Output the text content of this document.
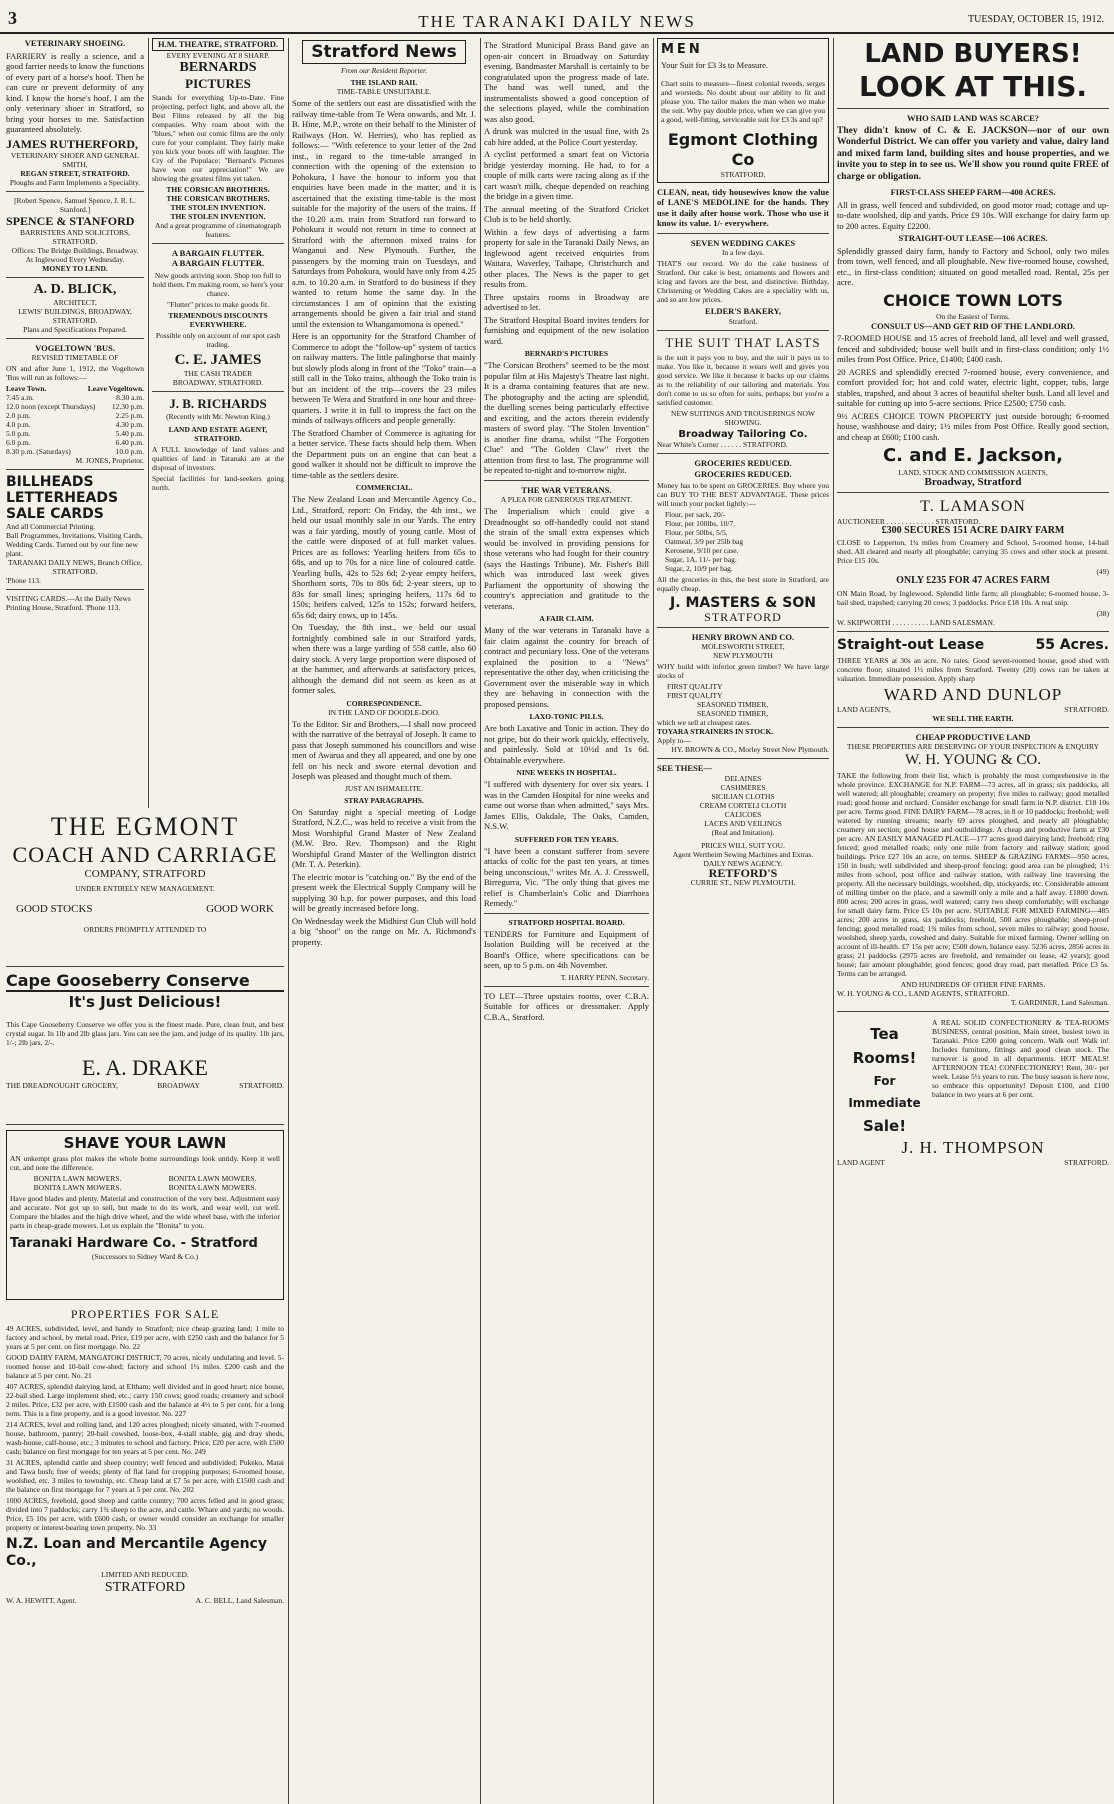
3	THE TARANAKI DAILY NEWS	TUESDAY, OCTOBER 15, 1912.
VETERINARY SHOEING.

FARRIERY is really a science, and a good farrier needs to know the functions of every part of a horse's hoof. Then he can cure or prevent deformity of any kind. I know the horse's hoof. I am the only veterinary shoer in Stratford, so bring your horses to me. Satisfaction guaranteed absolutely.

JAMES RUTHERFORD,
VETERINARY SHOER AND GENERAL SMITH,
REGAN STREET, STRATFORD.
Ploughs and Farm Implements a Speciality.
[Robert Spence, Samuel Spence, J. R. L. Stanford.]
SPENCE & STANFORD
BARRISTERS AND SOLICITORS, STRATFORD.
Offices: The Bridge Buildings, Broadway.
At Inglewood Every Wednesday.
MONEY TO LEND.
A. D. BLICK,
ARCHITECT,
LEWIS' BUILDINGS, BROADWAY, STRATFORD.
Plans and Specifications Prepared.
VOGELTOWN 'BUS.
REVISED TIMETABLE OF

ON and after June 1, 1912, the Vogeltown 'Bus will run as follows:—

Leave Town.	Leave Vogeltown.
7.45 a.m.	8.30 a.m.
12.0 noon (except Thursdays) 12.30 p.m.
2.0 p.m.	2.25 p.m.
4.0 p.m.	4.30 p.m.
5.0 p.m.	5.40 p.m.
6.0 p.m.	6.40 p.m.
8.30 p.m. (Saturdays)	10.0 p.m.
M. JONES, Proprietor.
BILLHEADS
LETTERHEADS
SALE CARDS
And all Commercial Printing.
Ball Programmes, Invitations, Visiting Cards, Wedding Cards. Turned out by our fine new plant.
TARANAKI DAILY NEWS, Branch Office, STRATFORD.
'Phone 113.
VISITING CARDS.—At the Daily News Printing House, Stratford. 'Phone 113.
H.M. THEATRE, STRATFORD.
EVERY EVENING AT 8 SHARP.
BERNARDS
PICTURES

Stands for everything Up-to-Date. Fine projecting, perfect light, and above all, the Best Films released by all the big companies. Why roam about with the "blues," when our comic films are the only cure for your complaint. They fairly make you kick your boots off with laughter. The Cry of the Populace: "Bernard's Pictures have won our appreciation!" We are showing the greatest films yet taken.

THE CORSICAN BROTHERS.
THE CORSICAN BROTHERS.
THE STOLEN INVENTION.
THE STOLEN INVENTION.
And a great programme of cinematograph features.
A BARGAIN FLUTTER.
A BARGAIN FLUTTER.

New goods arriving soon. Shop too full to hold them. I'm making room, so here's your chance.

"Flutter" prices to make goods fit.

TREMENDOUS DISCOUNTS EVERYWHERE.

Possible only on account of our spot cash trading.

C. E. JAMES
THE CASH TRADER
BROADWAY, STRATFORD.
J. B. RICHARDS
(Recently with Mr. Newton King.)
LAND AND ESTATE AGENT, STRATFORD.

A FULL knowledge of land values and qualities of land in Taranaki are at the disposal of investors.

Special facilities for land-seekers going north.

THE EGMONT
COACH AND CARRIAGE
COMPANY, STRATFORD
UNDER ENTIRELY NEW MANAGEMENT.
GOOD STOCKS	GOOD WORK
ORDERS PROMPTLY ATTENDED TO
Cape Gooseberry Conserve
It's Just Delicious!

This Cape Gooseberry Conserve we offer you is the finest made. Pure, clean fruit, and best crystal sugar. In 1lb and 2lb glass jars. You can see the jam, and judge of its quality. 1lb jars, 1/-; 2lb jars, 2/-.

E. A. DRAKE
THE DREADNOUGHT GROCERY,	BROADWAY	STRATFORD.
SHAVE YOUR LAWN

AN unkempt grass plot makes the whole home surroundings look untidy. Keep it well cut, and note the difference.

BONITA LAWN MOWERS.	BONITA LAWN MOWERS.
BONITA LAWN MOWERS.	BONITA LAWN MOWERS.

Have good blades and plenty. Material and construction of the very best. Adjustment easy and accurate. Not got up to sell, but made to do its work, and wear well, cut well. Compare the blades and the high drive wheel, and the wide wheel base, with the inferior parts in cheap-grade mowers. Let us explain the "Bonita" to you.

Taranaki Hardware Co. - Stratford
(Successors to Sidney Ward & Co.)
PROPERTIES FOR SALE

49 ACRES, subdivided, level, and handy to Stratford; nice cheap grazing land; 1 mile to factory and school, by metal road. Price, £19 per acre, with £250 cash and the balance for 5 years at 5 per cent. on first mortgage. No. 22

GOOD DAIRY FARM, MANGATOKI DISTRICT, 70 acres, nicely undulating and level. 5-roomed house and 10-bail cow-shed; factory and school 1¼ miles. £200 cash and the balance at 5 per cent. No. 21

407 ACRES, splendid dairying land, at Eltham; well divided and in good heart; nice house, 22-bail shed. Large implement shed, etc.; carry 150 cows; good roads; creamery and school 2 miles. Price, £32 per acre, with £1500 cash and the balance at 4½ to 5 per cent. for a long term. This is a fine property, and is a good investor. No. 227

214 ACRES, level and rolling land, and 120 acres ploughed; nicely situated, with 7-roomed house, bathroom, pantry; 20-bail cowshed, loose-box, 4-stall stable, gig and dray sheds, wash-house, calf-house, etc.; 3 minutes to school and factory. Price, £20 per acre, with £500 cash; balance on first mortgage for ten years at 5 per cent. No. 249

31 ACRES, splendid cattle and sheep country; well fenced and subdivided; Pukeko, Matai and Tawa bush; free of weeds; plenty of flat land for cropping purposes; 6-roomed house, woolshed, etc. 3 miles to township, etc. Cheap land at £7 5s per acre, with £1500 cash and the balance on first mortgage for 7 years at 5 per cent. No. 202

1000 ACRES, freehold, good sheep and cattle country; 700 acres felled and in good grass; divided into 7 paddocks; carry 1¾ sheep to the acre, and cattle. Whare and yards; no woods. Price, £5 10s per acre, with £600 cash, or owner would consider an exchange for smaller property or interest-bearing town property. No. 33

N.Z. Loan and Mercantile Agency Co.,
LIMITED AND REDUCED.
STRATFORD
W. A. HEWITT, Agent.	A. C. BELL, Land Salesman.
Stratford News
From our Resident Reporter.
THE ISLAND RAIL
TIME-TABLE UNSUITABLE.

Some of the settlers out east are dissatisfied with the railway time-table from Te Wera onwards, and Mr. J. B. Hine, M.P., wrote on their behalf to the Minister of Railways (Hon. W. Herries), who has replied as follows:— "With reference to your letter of the 2nd inst., in regard to the time-table arranged in connection with the opening of the extension to Pohokura, I have the honour to inform you that enquiries have been made in the matter, and it is ascertained that the existing time-table is the most suitable for the majority of the users of the trains. If the 10.20 a.m. train from Stratford ran forward to Pohokura it would not return in time to connect at Stratford with the afternoon mixed trains for Wanganui and New Plymouth. Further, the passengers by the morning train on Tuesdays, and Saturdays from Pohokura, would have only from 4.25 a.m. to 10.20 a.m. in Stratford to do business if they wanted to return home the same day. In the circumstances I am of opinion that the existing arrangements should be given a fair trial and stand until the extension to Whangamomona is opened."

Here is an opportunity for the Stratford Chamber of Commerce to adopt the "follow-up" system of tactics on railway matters. The little palinghorse that mainly but slowly plods along in front of the "Toko" train—a still call in the Toko trains, although the Toko train is but an incident of the trip—covers the 23 miles between Te Wera and Stratford in one hour and three-quarters. I write it in full to impress the fact on the minds of railways officers and people generally.

The Stratford Chamber of Commerce is agitating for a better service. These facts should help them. When the Department puts on an engine that can beat a good walker it should not be difficult to improve the time-table as the settlers desire.

COMMERCIAL.

The New Zealand Loan and Mercantile Agency Co., Ltd., Stratford, report: On Friday, the 4th inst., we held our usual monthly sale in our Yards. The entry was a fair yarding, mostly of young cattle. Most of the cattle were disposed of at full market values. Prices are as follows: Yearling heifers from 65s to 68s, and up to 70s for a nice line of coloured cattle. Yearling bulls, 42s to 52s 6d; 2-year empty heifers, Shorthorn sorts, 70s to 80s 6d; 2-year steers, up to 83s for small lines; springing heifers, 117s 6d to 150s; heifers calved, 125s to 152s; forward heifers, 65s 6d; dairy cows, up to 145s.

On Tuesday, the 8th inst., we held our usual fortnightly combined sale in our Stratford yards, when there was a large yarding of 558 cattle, also 60 dairy stock. A very large proportion were disposed of at the hammer, and afterwards at satisfactory prices, although the demand did not seem as keen as at former sales.

CORRESPONDENCE.
IN THE LAND OF DOODLE-DOO.

To the Editor. Sir and Brothers,—I shall now proceed with the narrative of the betrayal of Joseph. It came to pass that Joseph summoned his councillors and wise men of Awarua and they all appeared, and one by one fell on his neck and swore eternal devotion and Joseph was pleased and thought much of them.

JUST AN ISHMAELITE.
STRAY PARAGRAPHS.

On Saturday night a special meeting of Lodge Stratford, N.Z.C., was held to receive a visit from the Most Worshipful Grand Master of New Zealand (M.W. Bro. Rev. Thompson) and the Right Worshipful Grand Master of the Wellington district (Mr. T. A. Peterkin).

The electric motor is "catching on." By the end of the present week the Electrical Supply Company will be supplying 30 h.p. for power purposes, and this load will be greatly increased before long.

On Wednesday week the Midhirst Gun Club will hold a big "shoot" on the range on Mr. A. Richmond's property.

The Stratford Municipal Brass Band gave an open-air concert in Broadway on Saturday evening. Bandmaster Marshall is certainly to be congratulated upon the progress made of late. The band was well tuned, and the instrumentalists showed a good conception of the selections played, while the combination was also good.

A drunk was mulcted in the usual fine, with 2s cab hire added, at the Police Court yesterday.

A cyclist performed a smart feat on Victoria bridge yesterday morning. He had, to for a couple of milk carts were racing along as if the cart wasn't milk, cheque depended on reaching the bridge in a given time.

The annual meeting of the Stratford Cricket Club is to be held shortly.

Within a few days of advertising a farm property for sale in the Taranaki Daily News, an Inglewood agent received enquiries from Waitara, Waverley, Taihape, Christchurch and other places. The News is the paper to get results from.

Three upstairs rooms in Broadway are advertised to let.

The Stratford Hospital Board invites tenders for furnishing and equipment of the new isolation ward.

BERNARD'S PICTURES

"The Corsican Brothers" seemed to be the most popular film at His Majesty's Theatre last night. It is a drama containing features that are new. The photography and the acting are splendid, the duelling scenes being particularly effective and exciting, and the actors therein evidently masters of sword play. "The Stolen Invention" is another fine drama, whilst "The Forgotten Clue" and "The Golden Claw" rivet the attention from first to last. The programme will be repeated to-night and to-morrow night.

THE WAR VETERANS.
A PLEA FOR GENEROUS TREATMENT.

The Imperialism which could give a Dreadnought so off-handedly could not stand the strain of the small extra expenses which would be involved in providing pensions for those veterans who had fought for their country (says the Hastings Tribune). Mr. Fisher's Bill which was introduced last week gives Parliament the opportunity of showing the country's appreciation and gratitude to the veterans.

A FAIR CLAIM.

Many of the war veterans in Taranaki have a fair claim against the country for breach of contract and pecuniary loss. One of the veterans explained the position to a "News" representative the other day, when criticising the Government over the miserable way in which they are behaving in connection with the proposed pensions.

LAXO-TONIC PILLS.

Are both Laxative and Tonic in action. They do not gripe, but do their work quickly, effectively, and painlessly. Sold at 10½d and 1s 6d. Obtainable everywhere.

NINE WEEKS IN HOSPITAL.

"I suffered with dysentery for over six years. I was in the Camden Hospital for nine weeks and came out worse than when admitted," says Mrs. James Ellis, Oakdale, The Oaks, Camden, N.S.W.

SUFFERED FOR TEN YEARS.

"I have been a constant sufferer from severe attacks of colic for the past ten years, at times being unconscious," writes Mr. A. J. Cresswell, Birregurra, Vic. "The only thing that gives me relief is Chamberlain's Colic and Diarrhoea Remedy."

STRATFORD HOSPITAL BOARD.

TENDERS for Furniture and Equipment of Isolation Building will be received at the Board's Office, where specifications can be seen, up to 5 p.m. on 4th November.

T. HARRY PENN, Secretary.

TO LET—Three upstairs rooms, over C.B.A. Suitable for offices or dressmaker. Apply C.B.A., Stratford.

MEN

Your Suit for £3 3s to Measure.

Chart suits to measure—finest colonial tweeds, serges and worsteds. No doubt about our ability to fit and please you. The tailor makes the man when we make the suit. Why pay double price, when we can give you a good, well-fitting, serviceable suit for £3 3s and up?

Egmont Clothing Co
STRATFORD.

CLEAN, neat, tidy housewives know the value of LANE'S MEDOLINE for the hands. They use it daily after house work. Those who use it know its value. 1/- everywhere.

SEVEN WEDDING CAKES
In a few days.

THAT'S our record. We do the cake business of Stratford. Our cake is best, ornaments and flowers and icing and favors are the best, and distinctive. Birthday, Christening or Wedding Cakes are a speciality with us, and so are low prices.

ELDER'S BAKERY,
Stratford.
THE SUIT THAT LASTS

is the suit it pays you to buy, and the suit it pays us to make. You like it, because it wears well and gives you good service. We like it because it backs up our claims as to the reliability of our tailoring and materials. You don't come to us so often for suits, perhaps; but you're a satisfied customer.

NEW SUITINGS AND TROUSERINGS NOW SHOWING.
Broadway Tailoring Co.
Near White's Corner . . . . . . STRATFORD.
GROCERIES REDUCED.
GROCERIES REDUCED.

Money has to be spent on GROCERIES. Buy where you can BUY TO THE BEST ADVANTAGE. These prices will touch your pocket lightly:—

Flour, per sack, 20/-
Flour, per 100lbs, 10/7.
Flour, per 50lbs, 5/5.
Oatmeal, 3/9 per 25lb bag
Kerosene, 9/10 per case.
Sugar, 1A, 11/- per bag.
Sugar, 2, 10/9 per bag.

All the groceries in this, the best store in Stratford, are equally cheap.

J. MASTERS & SON
STRATFORD
HENRY BROWN AND CO.
MOLESWORTH STREET,
NEW PLYMOUTH

WHY build with inferior green timber? We have large stocks of

FIRST QUALITY
FIRST QUALITY
SEASONED TIMBER,
SEASONED TIMBER,
which we sell at cheapest rates.
TOYARA STRAINERS IN STOCK.
Apply to—
HY. BROWN & CO., Morley Street New Plymouth.
SEE THESE—
DELAINES
CASHMERES
SICILIAN CLOTHS
CREAM CORTELI CLOTH
CALICOES
LACES AND VEILINGS
(Real and Imitation).
PRICES WILL SUIT YOU.
Agent Wertheim Sewing Machines and Extras.
DAILY NEWS AGENCY.
RETFORD'S
CURRIE ST., NEW PLYMOUTH.
LAND BUYERS!
LOOK AT THIS.
WHO SAID LAND WAS SCARCE?

They didn't know of C. & E. JACKSON—nor of our own Wonderful District. We can offer you variety and value, dairy land and mixed farm land, building sites and house properties, and we invite you to step in to see us. We'll show you round quite FREE of charge or obligation.

FIRST-CLASS SHEEP FARM—400 ACRES.

All in grass, well fenced and subdivided, on good motor road; cottage and up-to-date woolshed, dip and yards. Price £9 10s. Will exchange for dairy farm up to 200 acres. Equity £2200.

STRAIGHT-OUT LEASE—106 ACRES.

Splendidly grassed dairy farm, handy to Factory and School, only two miles from town, well fenced, and all ploughable. New five-roomed house, cowshed, etc., in first-class condition; situated on good metalled road. Rental, 25s per acre.

CHOICE TOWN LOTS
On the Easiest of Terms.
CONSULT US—AND GET RID OF THE LANDLORD.

7-ROOMED HOUSE and 15 acres of freehold land, all level and well grassed, fenced and subdivided; house well built and in first-class condition; only 1½ miles from Post Office. Price, £1400; £400 cash.

20 ACRES and splendidly erected 7-roomed house, every convenience, and comfort provided for; hot and cold water, electric light, copper, tubs, large stables, trapshed, and about 3 acres of beautiful shelter bush. Land all level and suitable for cutting up into 5-acre sections. Price £2500; £750 cash.

9½ ACRES CHOICE TOWN PROPERTY just outside borough; 6-roomed house, washhouse and dairy; 1½ miles from Post Office. Really good section, and cheap at £600; £100 cash.

C. and E. Jackson,
LAND, STOCK AND COMMISSION AGENTS,
Broadway, Stratford
T. LAMASON
AUCTIONEER . . . . . . . . . . . . . STRATFORD.
£300 SECURES 151 ACRE DAIRY FARM

CLOSE to Lepperton, 1¾ miles from Creamery and School, 5-roomed house, 14-bail shed. All cleared and nearly all ploughable; carrying 35 cows and other stock at present. Price £15 10s.

(49)
ONLY £235 FOR 47 ACRES FARM

ON Main Road, by Inglewood. Splendid little farm; all ploughable; 6-roomed house, 3-bail shed, trapshed; carrying 20 cows; 3 paddocks. Price £18 10s. A real snip.

(38)
W. SKIPWORTH . . . . . . . . . . LAND SALESMAN.
Straight-out Lease	55 Acres.

THREE YEARS at 30s an acre. No rates. Good seven-roomed house, good shed with concrete floor; situated 1½ miles from Stratford. Twenty (20) cows can be taken at valuation. Immediate possession. Apply sharp

WARD AND DUNLOP
LAND AGENTS,	STRATFORD.
WE SELL THE EARTH.
CHEAP PRODUCTIVE LAND
THESE PROPERTIES ARE DESERVING OF YOUR INSPECTION & ENQUIRY
W. H. YOUNG & CO.

TAKE the following from their list, which is probably the most comprehensive in the whole province. EXCHANGE for N.P. FARM—73 acres, all in grass; six paddocks, all well watered; all ploughable; creamery on property; five miles to railway; good metalled road; good house and orchard. Consider exchange for small farm in N.P. district. £18 10s per acre. Terms good. FINE DAIRY FARM—78 acres, in 8 or 10 paddocks; freehold; well watered by running streams; nearly 69 acres ploughed, and nearly all ploughable; creamery on section; good house and outbuildings. A cheap and productive farm at £30 per acre. AN EASILY MANAGED PLACE—177 acres good dairying land; freehold; ring fenced; good metalled roads; only one mile from factory and railway station; good buildings. Price £27 10s an acre, on terms. SHEEP & GRAZING FARMS—950 acres, 150 in bush; well subdivided and sheep-proof fencing; good area can be ploughed; 1½ miles from school, post office and railway station, with railway line traversing the property. All the necessary buildings, woolshed, dip, stockyards, etc. Considerable amount of milling timber on the place, and a sawmill only a mile and a half away. £1800 down. 800 acres; 200 acres in grass, well watered; carry two sheep comfortably; will exchange for small dairy farm. Price £5 10s per acre. SUITABLE FOR MIXED FARMING—485 acres; 200 acres in grass, six paddocks; freehold, 500 acres ploughable; sheep-proof fencing; good metalled road; 1¾ miles from school, seven miles to railway; good house, woolshed, sheep yards, cowshed and dairy. Suitable for mixed farming. Owner selling on account of ill-health. £7 15s per acre; £500 down, balance easy. 5236 acres, 2856 acres in grass; 21 paddocks (2975 acres are freehold, and remainder on lease, 42 years); good house; fair amount ploughable; good fences; good dray road, part metalled. Price £3 5s. Terms can be arranged.

AND HUNDREDS OF OTHER FINE FARMS.
W. H. YOUNG & CO., LAND AGENTS, STRATFORD.
T. GARDINER, Land Salesman.
Tea
Rooms!
For Immediate
Sale!

A REAL SOLID CONFECTIONERY & TEA-ROOMS BUSINESS, central position, Main street, busiest town in Taranaki. Price £200 going concern. Walk out! Walk in! Includes furniture, fittings and good clean stock. The turnover is good in all departments. HOT MEALS! AFTERNOON TEA! CONFECTIONERY! Rent, 30/- per week. Lease 5½ years to run. The busy season is here now, so embrace this opportunity! Deposit £100, and £100 balance in two years at 6 per cent.

J. H. THOMPSON
LAND AGENT	STRATFORD.
